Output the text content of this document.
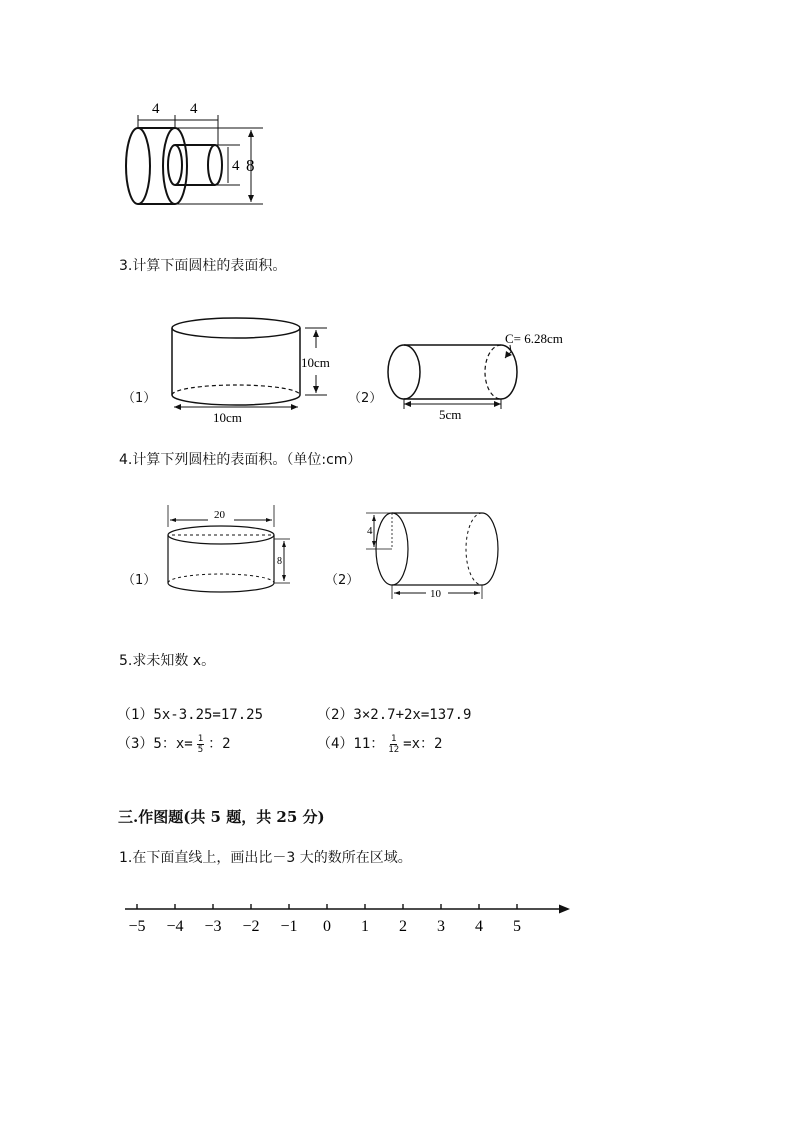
4 4
4 8
3.计算下面圆柱的表面积。
（1）
10cm
10cm
（2）
C= 6.28cm
5cm
4.计算下列圆柱的表面积。（单位:cm）
（1）
20
8
（2）
4
10
5.求未知数 x。
（1）5x-3.25=17.25	（2）3×2.7+2x=137.9
（3）5：$x= \frac{1}{5}$ ：2	（4）11： $\frac{1}{12} =x$：2
三.作图题(共 5 题，共 25 分)
1.在下面直线上，画出比－3 大的数所在区域。
−5 −4 −3 −2 −1 0 1 2 3 4 5
